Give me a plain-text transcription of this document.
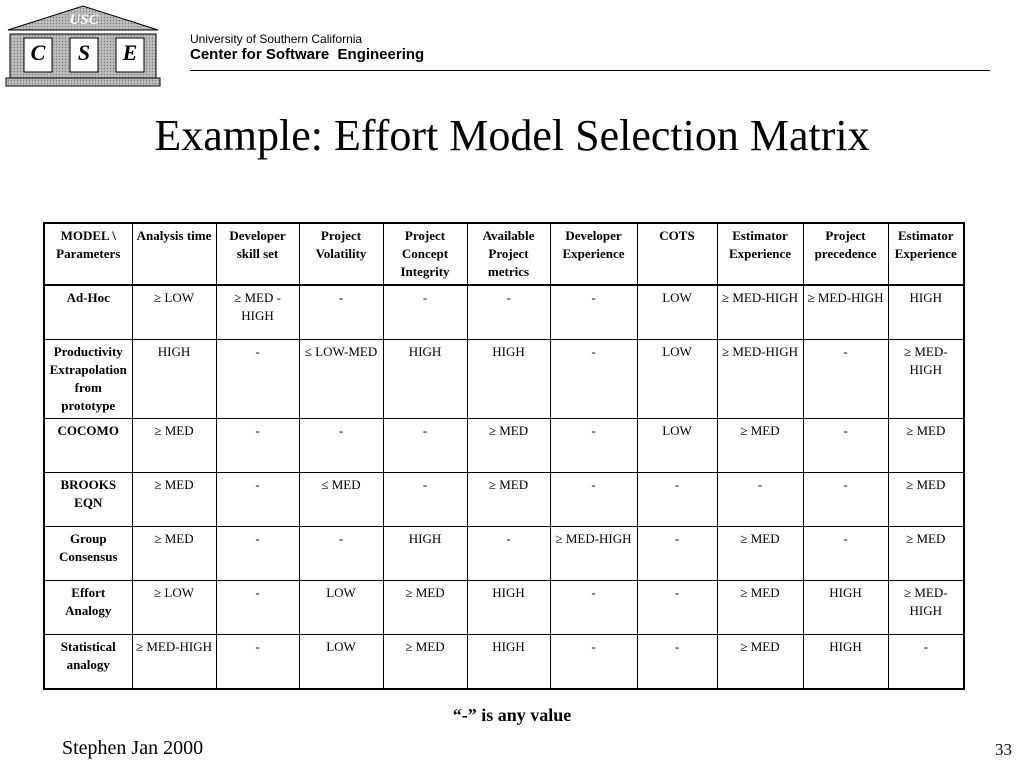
USC
C	S	E
University of Southern California
Center for Software  Engineering
Example: Effort Model Selection Matrix
MODEL \ Parameters	Analysis time	Developer skill set	Project Volatility	Project Concept Integrity	Available Project metrics	Developer Experience	COTS	Estimator Experience	Project precedence	Estimator Experience
Ad-Hoc	≥ LOW	≥ MED - HIGH	-	-	-	-	LOW	≥ MED-HIGH	≥ MED-HIGH	HIGH
Productivity Extrapolation from prototype	HIGH	-	≤ LOW-MED	HIGH	HIGH	-	LOW	≥ MED-HIGH	-	≥ MED-HIGH
COCOMO	≥ MED	-	-	-	≥ MED	-	LOW	≥ MED	-	≥ MED
BROOKS EQN	≥ MED	-	≤ MED	-	≥ MED	-	-	-	-	≥ MED
Group Consensus	≥ MED	-	-	HIGH	-	≥ MED-HIGH	-	≥ MED	-	≥ MED
Effort Analogy	≥ LOW	-	LOW	≥ MED	HIGH	-	-	≥ MED	HIGH	≥ MED-HIGH
Statistical analogy	≥ MED-HIGH	-	LOW	≥ MED	HIGH	-	-	≥ MED	HIGH	-
“-” is any value
Stephen Jan 2000	33
